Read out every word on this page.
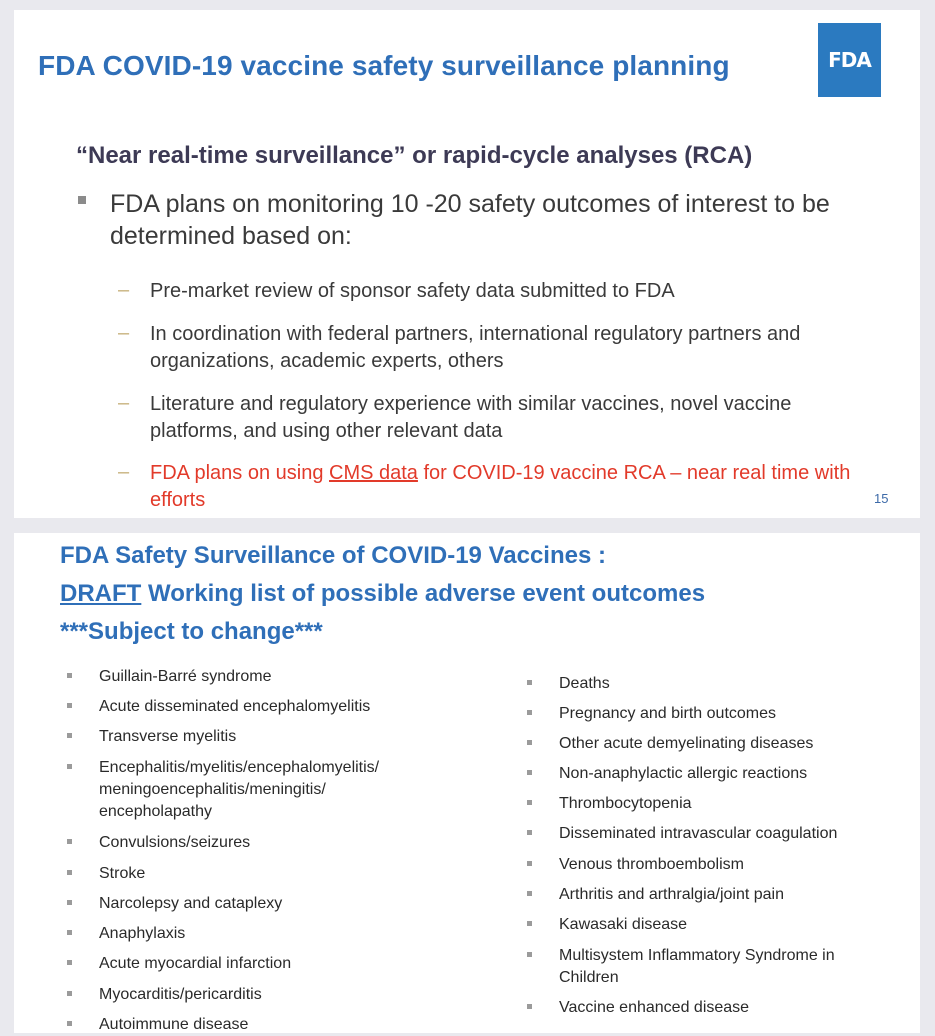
FDA COVID-19 vaccine safety surveillance planning	FDA
“Near real-time surveillance” or rapid-cycle analyses (RCA)
FDA plans on monitoring 10 -20 safety outcomes of interest to be determined based on:
– Pre-market review of sponsor safety data submitted to FDA
– In coordination with federal partners, international regulatory partners and organizations, academic experts, others
– Literature and regulatory experience with similar vaccines, novel vaccine platforms, and using other relevant data
– FDA plans on using CMS data for COVID-19 vaccine RCA – near real time with efforts	15
FDA Safety Surveillance of COVID-19 Vaccines :
DRAFT Working list of possible adverse event outcomes
***Subject to change***
Guillain-Barré syndrome
Acute disseminated encephalomyelitis
Transverse myelitis
Encephalitis/myelitis/encephalomyelitis/ meningoencephalitis/meningitis/ encepholapathy
Convulsions/seizures
Stroke
Narcolepsy and cataplexy
Anaphylaxis
Acute myocardial infarction
Myocarditis/pericarditis
Autoimmune disease
Deaths
Pregnancy and birth outcomes
Other acute demyelinating diseases
Non-anaphylactic allergic reactions
Thrombocytopenia
Disseminated intravascular coagulation
Venous thromboembolism
Arthritis and arthralgia/joint pain
Kawasaki disease
Multisystem Inflammatory Syndrome in Children
Vaccine enhanced disease
